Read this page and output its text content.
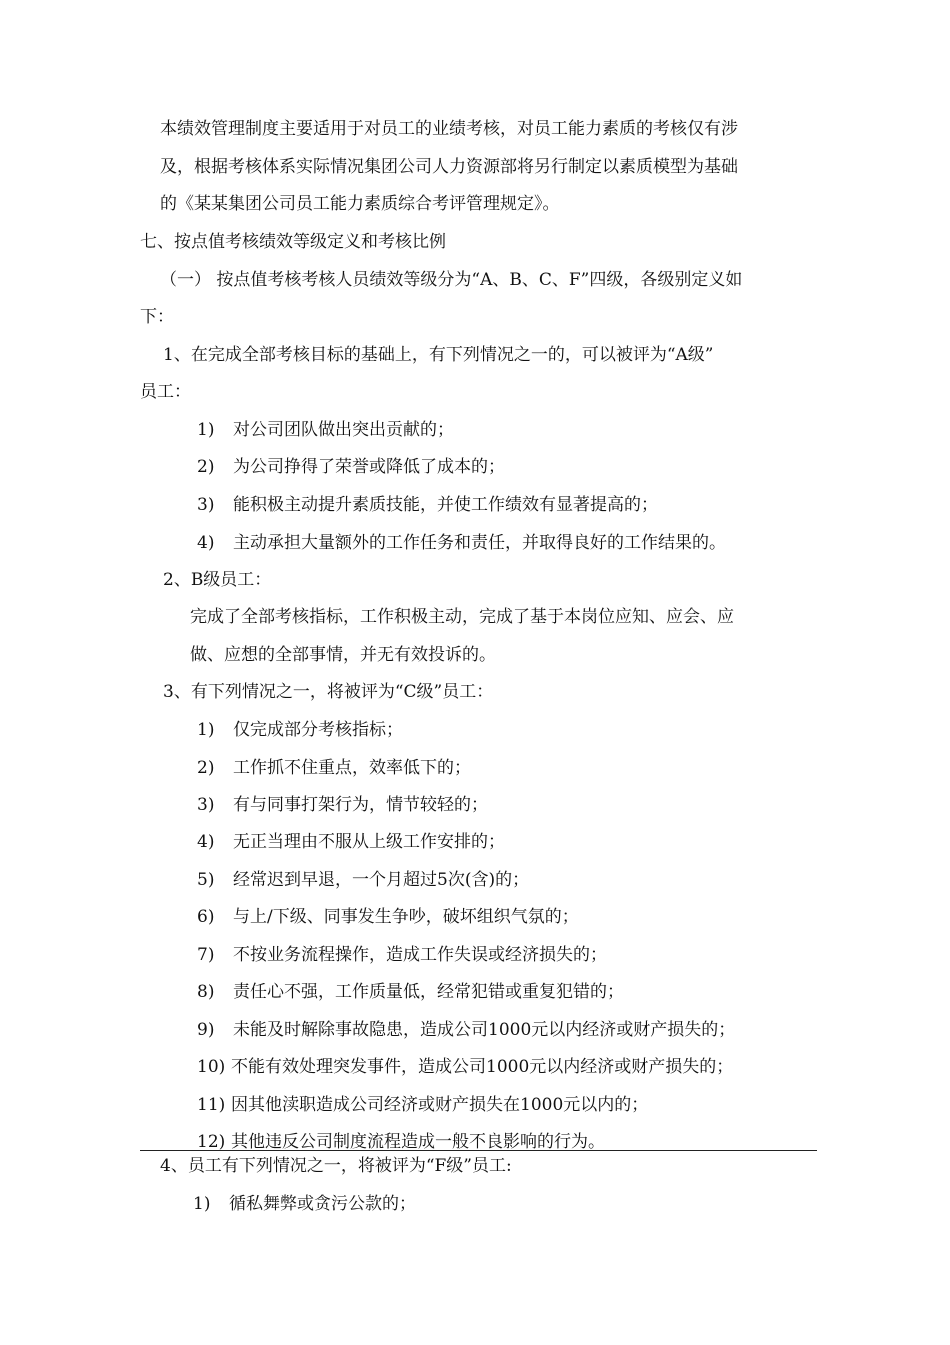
本绩效管理制度主要适用于对员工的业绩考核，对员工能力素质的考核仅有涉
及，根据考核体系实际情况集团公司人力资源部将另行制定以素质模型为基础
的《某某集团公司员工能力素质综合考评管理规定》。
七、按点值考核绩效等级定义和考核比例
（一） 按点值考核考核人员绩效等级分为“A、B、C、F”四级，各级别定义如
下：
1、在完成全部考核目标的基础上，有下列情况之一的，可以被评为“A级”
员工：
1) 对公司团队做出突出贡献的；
2) 为公司挣得了荣誉或降低了成本的；
3) 能积极主动提升素质技能，并使工作绩效有显著提高的；
4) 主动承担大量额外的工作任务和责任，并取得良好的工作结果的。
2、B级员工：
完成了全部考核指标，工作积极主动，完成了基于本岗位应知、应会、应
做、应想的全部事情，并无有效投诉的。
3、有下列情况之一，将被评为“C级”员工：
1) 仅完成部分考核指标；
2) 工作抓不住重点，效率低下的；
3) 有与同事打架行为，情节较轻的；
4) 无正当理由不服从上级工作安排的；
5) 经常迟到早退，一个月超过5次(含)的；
6) 与上/下级、同事发生争吵，破坏组织气氛的；
7) 不按业务流程操作，造成工作失误或经济损失的；
8) 责任心不强，工作质量低，经常犯错或重复犯错的；
9) 未能及时解除事故隐患，造成公司1000元以内经济或财产损失的；
10) 不能有效处理突发事件，造成公司1000元以内经济或财产损失的；
11) 因其他渎职造成公司经济或财产损失在1000元以内的；
12) 其他违反公司制度流程造成一般不良影响的行为。
4、员工有下列情况之一，将被评为“F级”员工:
1) 循私舞弊或贪污公款的；
